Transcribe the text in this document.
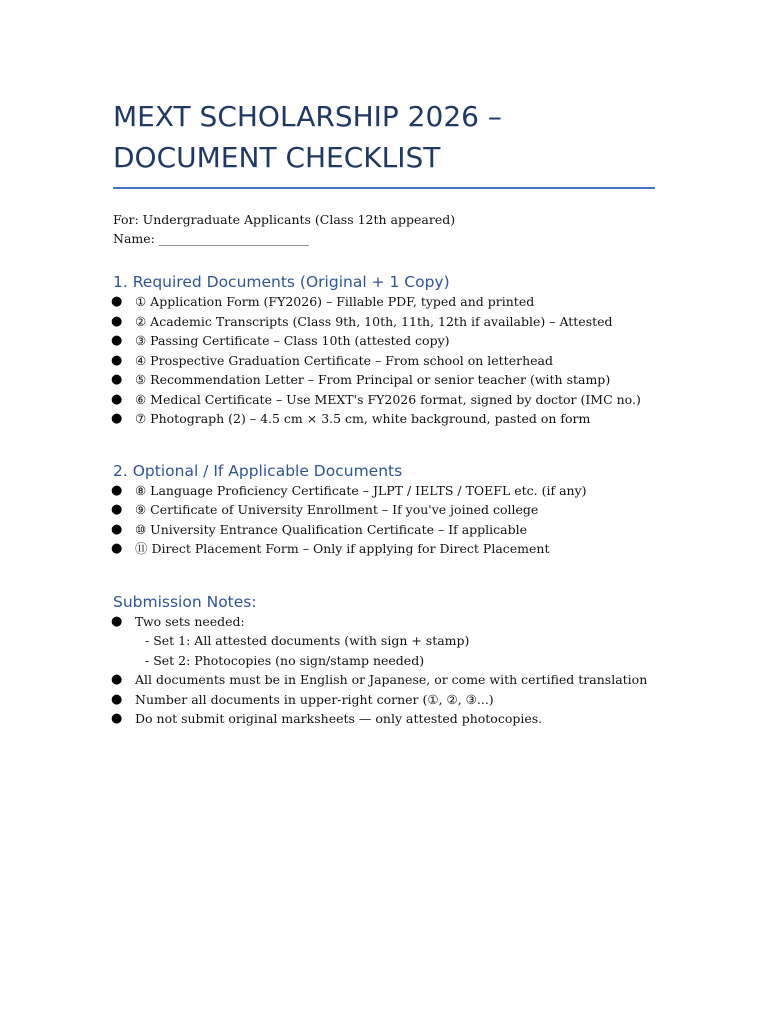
MEXT SCHOLARSHIP 2026 – DOCUMENT CHECKLIST
For: Undergraduate Applicants (Class 12th appeared)
Name: ________________________
1. Required Documents (Original + 1 Copy)
● ① Application Form (FY2026) – Fillable PDF, typed and printed
● ② Academic Transcripts (Class 9th, 10th, 11th, 12th if available) – Attested
● ③ Passing Certificate – Class 10th (attested copy)
● ④ Prospective Graduation Certificate – From school on letterhead
● ⑤ Recommendation Letter – From Principal or senior teacher (with stamp)
● ⑥ Medical Certificate – Use MEXT's FY2026 format, signed by doctor (IMC no.)
● ⑦ Photograph (2) – 4.5 cm × 3.5 cm, white background, pasted on form
2. Optional / If Applicable Documents
● ⑧ Language Proficiency Certificate – JLPT / IELTS / TOEFL etc. (if any)
● ⑨ Certificate of University Enrollment – If you've joined college
● ⑩ University Entrance Qualification Certificate – If applicable
● ⑪ Direct Placement Form – Only if applying for Direct Placement
Submission Notes:
● Two sets needed:
- Set 1: All attested documents (with sign + stamp)
- Set 2: Photocopies (no sign/stamp needed)
● All documents must be in English or Japanese, or come with certified translation
● Number all documents in upper-right corner (①, ②, ③...)
● Do not submit original marksheets — only attested photocopies.
